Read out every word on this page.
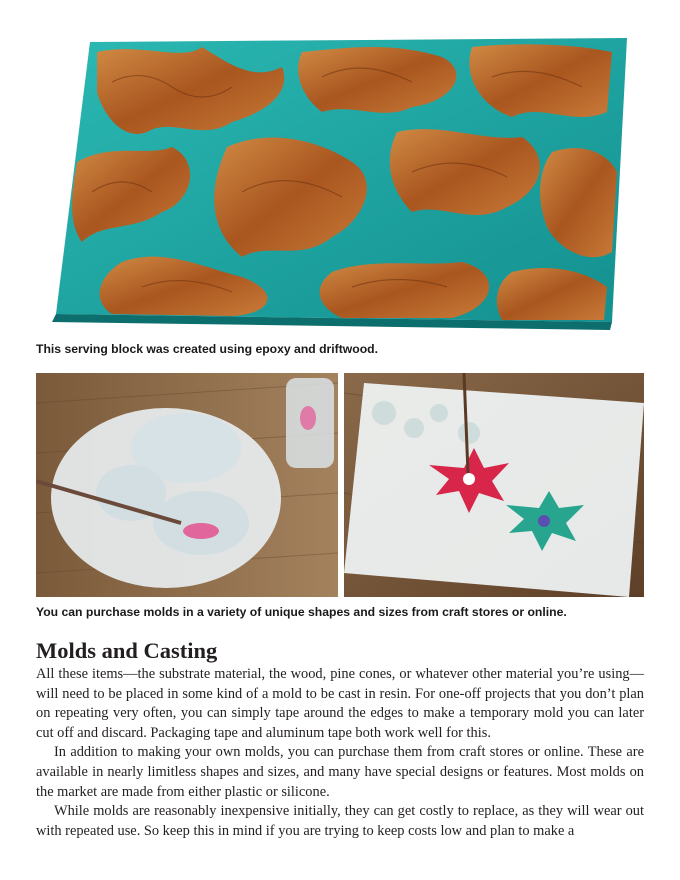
This serving block was created using epoxy and driftwood.
You can purchase molds in a variety of unique shapes and sizes from craft stores or online.
Molds and Casting

All these items—the substrate material, the wood, pine cones, or whatever other material you’re using— will need to be placed in some kind of a mold to be cast in resin. For one-off projects that you don’t plan on repeating very often, you can simply tape around the edges to make a temporary mold you can later cut off and discard. Packaging tape and aluminum tape both work well for this.

In addition to making your own molds, you can purchase them from craft stores or online. These are available in nearly limitless shapes and sizes, and many have special designs or features. Most molds on the market are made from either plastic or silicone.

While molds are reasonably inexpensive initially, they can get costly to replace, as they will wear out with repeated use. So keep this in mind if you are trying to keep costs low and plan to make a
